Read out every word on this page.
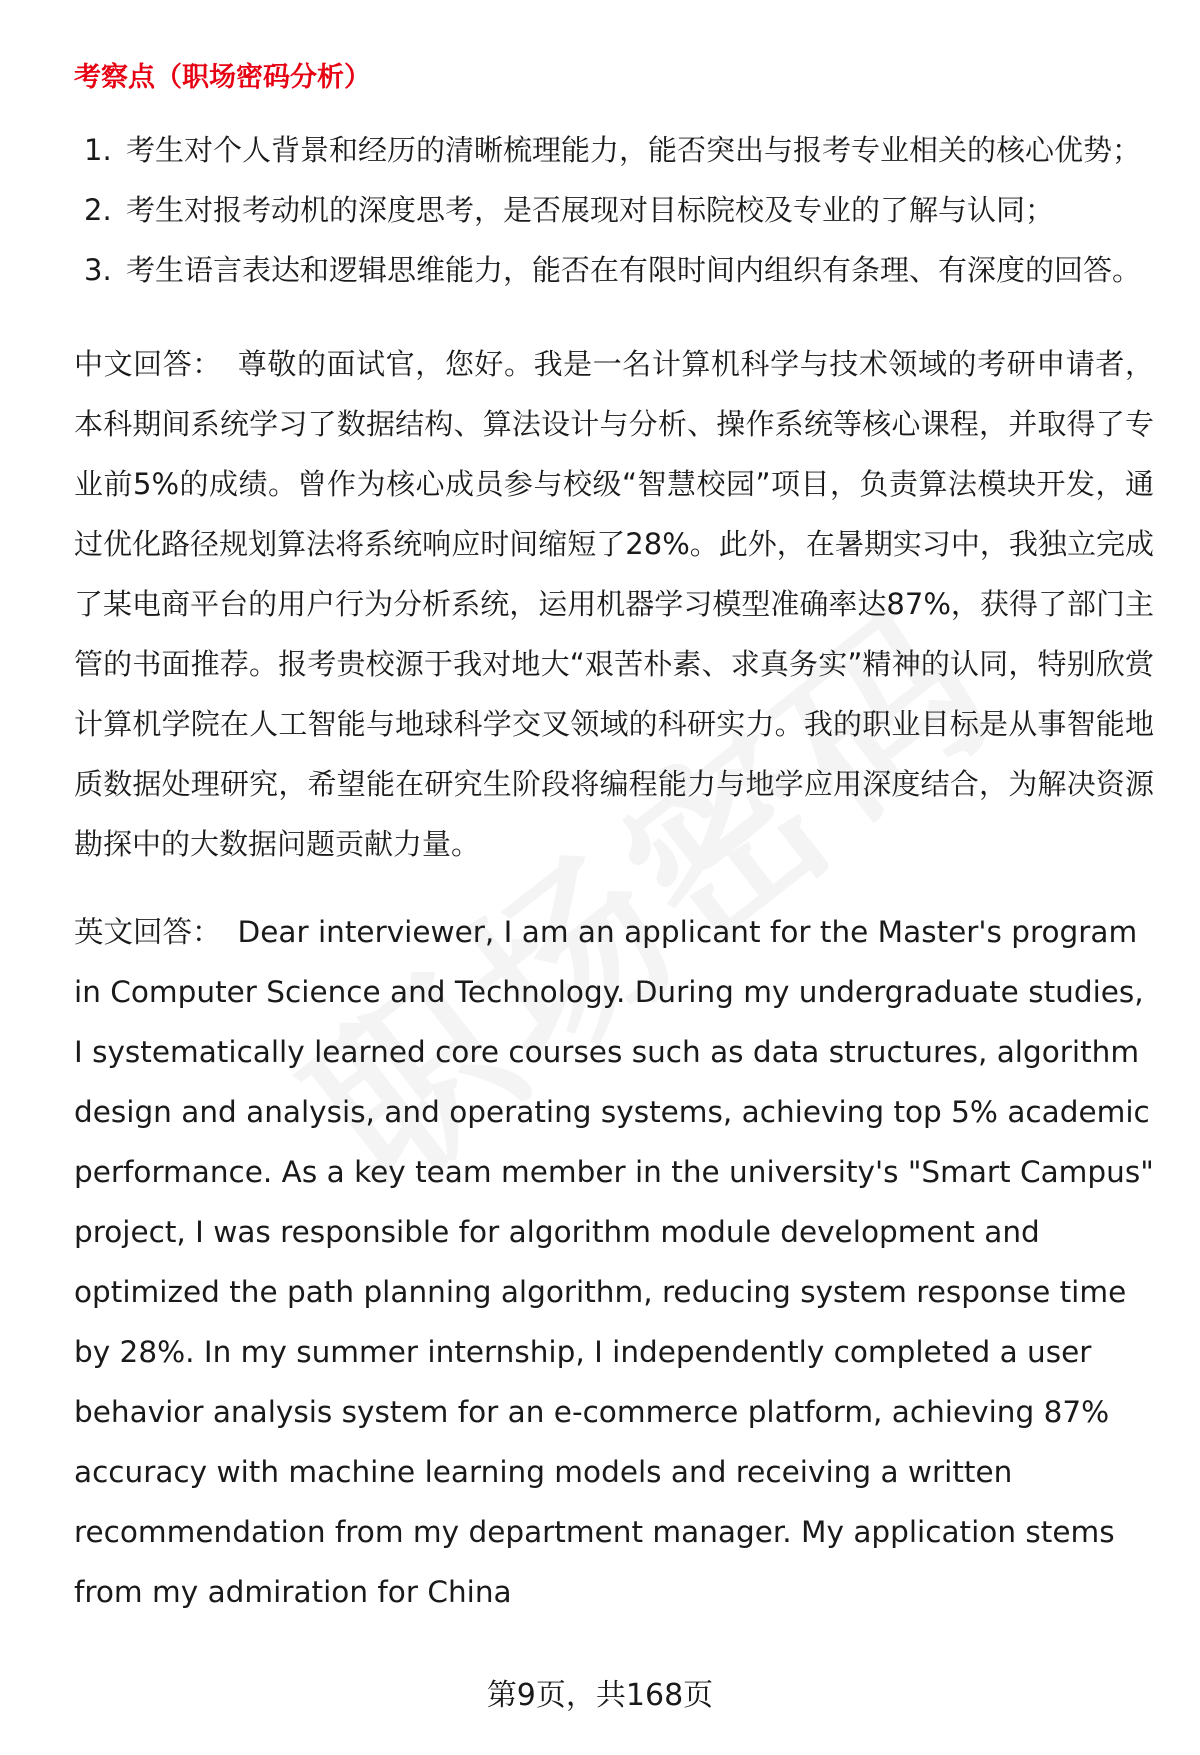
考察点（职场密码分析）
1. 考生对个人背景和经历的清晰梳理能力，能否突出与报考专业相关的核心优势；
2. 考生对报考动机的深度思考，是否展现对目标院校及专业的了解与认同；
3. 考生语言表达和逻辑思维能力，能否在有限时间内组织有条理、有深度的回答。

中文回答： 尊敬的面试官，您好。我是一名计算机科学与技术领域的考研申请者，本科期间系统学习了数据结构、算法设计与分析、操作系统等核心课程，并取得了专业前5%的成绩。曾作为核心成员参与校级“智慧校园”项目，负责算法模块开发，通过优化路径规划算法将系统响应时间缩短了28%。此外，在暑期实习中，我独立完成了某电商平台的用户行为分析系统，运用机器学习模型准确率达87%，获得了部门主管的书面推荐。报考贵校源于我对地大“艰苦朴素、求真务实”精神的认同，特别欣赏计算机学院在人工智能与地球科学交叉领域的科研实力。我的职业目标是从事智能地质数据处理研究，希望能在研究生阶段将编程能力与地学应用深度结合，为解决资源勘探中的大数据问题贡献力量。

英文回答： Dear interviewer, I am an applicant for the Master's program in Computer Science and Technology. During my undergraduate studies, I systematically learned core courses such as data structures, algorithm design and analysis, and operating systems, achieving top 5% academic performance. As a key team member in the university's "Smart Campus" project, I was responsible for algorithm module development and optimized the path planning algorithm, reducing system response time by 28%. In my summer internship, I independently completed a user behavior analysis system for an e-commerce platform, achieving 87% accuracy with machine learning models and receiving a written recommendation from my department manager. My application stems from my admiration for China

第9页，共168页
